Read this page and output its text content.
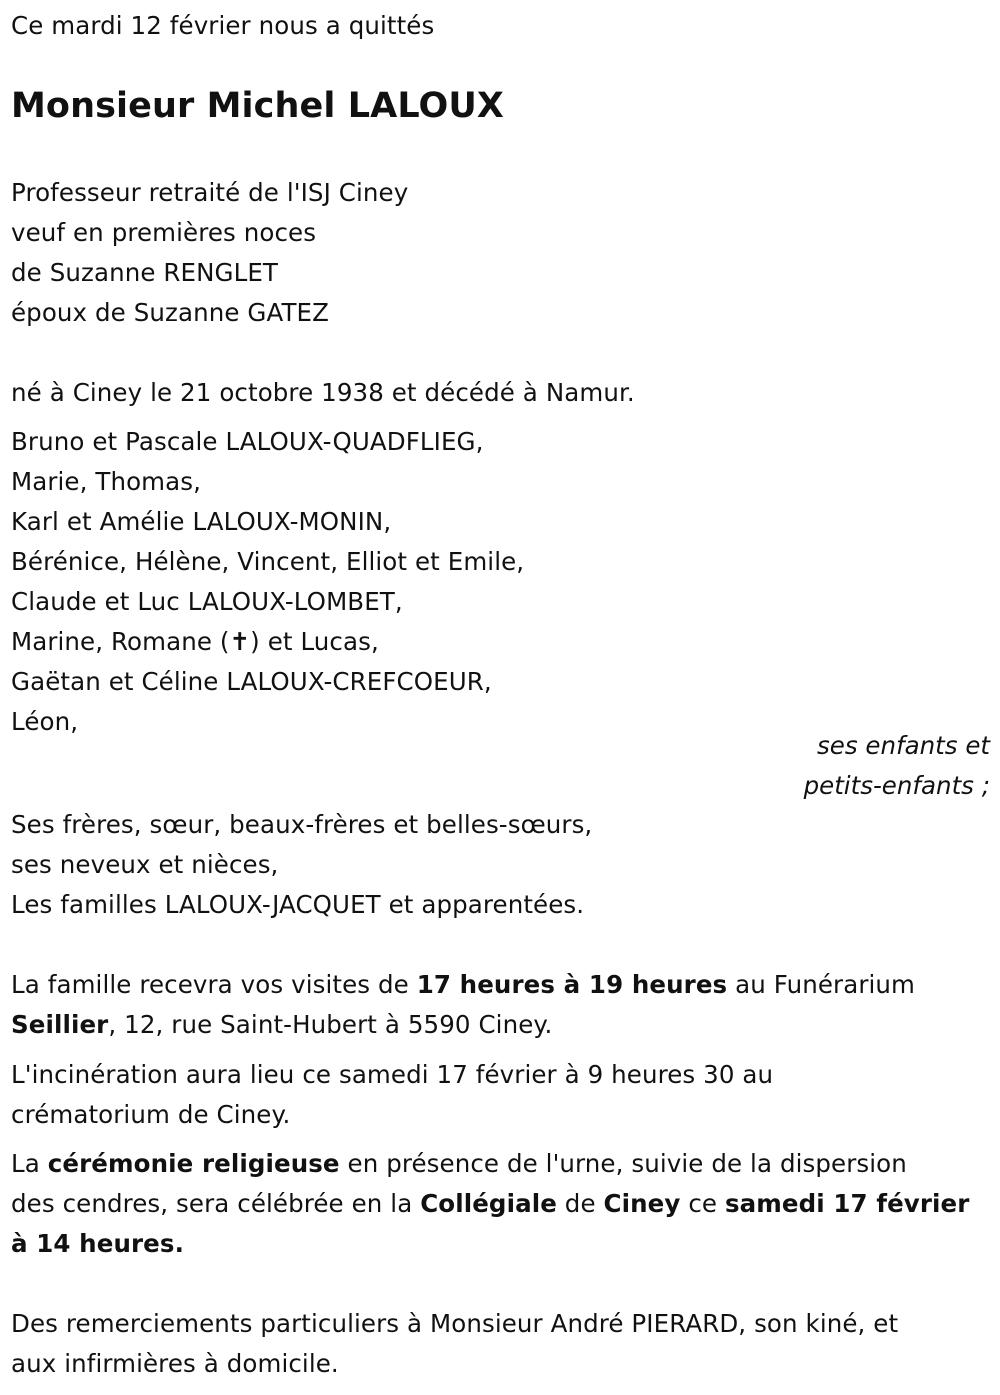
Ce mardi 12 février nous a quittés
Monsieur Michel LALOUX
Professeur retraité de l'ISJ Ciney
veuf en premières noces
de Suzanne RENGLET
époux de Suzanne GATEZ
né à Ciney le 21 octobre 1938 et décédé à Namur.
Bruno et Pascale LALOUX-QUADFLIEG,
Marie, Thomas,
Karl et Amélie LALOUX-MONIN,
Bérénice, Hélène, Vincent, Elliot et Emile,
Claude et Luc LALOUX-LOMBET,
Marine, Romane (✝) et Lucas,
Gaëtan et Céline LALOUX-CREFCOEUR,
Léon,
ses enfants et
petits-enfants ;
Ses frères, sœur, beaux-frères et belles-sœurs,
ses neveux et nièces,
Les familles LALOUX-JACQUET et apparentées.
La famille recevra vos visites de 17 heures à 19 heures au Funérarium
Seillier, 12, rue Saint-Hubert à 5590 Ciney.
L'incinération aura lieu ce samedi 17 février à 9 heures 30 au
crématorium de Ciney.
La cérémonie religieuse en présence de l'urne, suivie de la dispersion
des cendres, sera célébrée en la Collégiale de Ciney ce samedi 17 février
à 14 heures.
Des remerciements particuliers à Monsieur André PIERARD, son kiné, et
aux infirmières à domicile.
